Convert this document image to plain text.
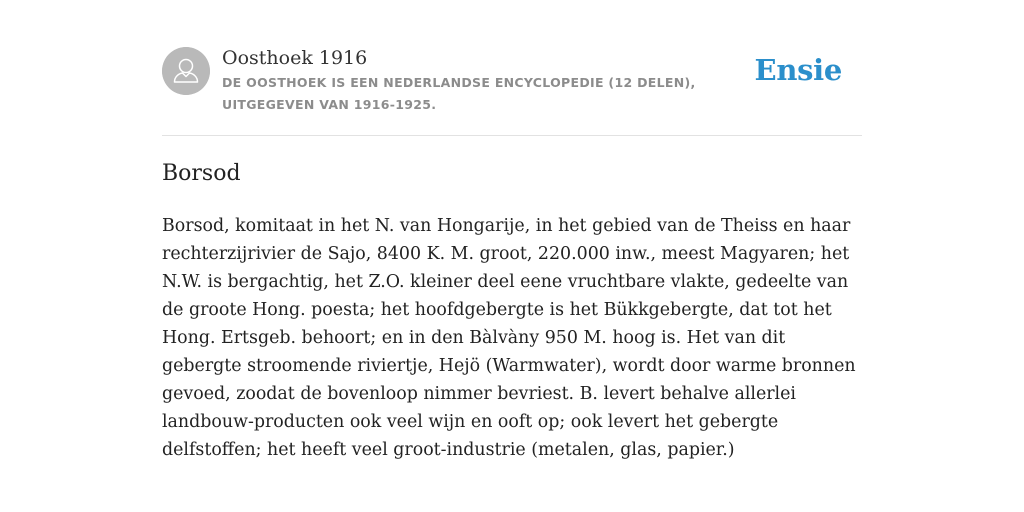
Oosthoek 1916
DE OOSTHOEK IS EEN NEDERLANDSE ENCYCLOPEDIE (12 DELEN), UITGEGEVEN VAN 1916-1925.
Ensie
Borsod

Borsod, komitaat in het N. van Hongarije, in het gebied van de Theiss en haar rechterzijrivier de Sajo, 8400 K. M. groot, 220.000 inw., meest Magyaren; het N.W. is bergachtig, het Z.O. kleiner deel eene vruchtbare vlakte, gedeelte van de groote Hong. poesta; het hoofdgebergte is het Bükkgebergte, dat tot het Hong. Ertsgeb. behoort; en in den Bàlvàny 950 M. hoog is. Het van dit gebergte stroomende riviertje, Hejö (Warmwater), wordt door warme bronnen gevoed, zoodat de bovenloop nimmer bevriest. B. levert behalve allerlei landbouw-producten ook veel wijn en ooft op; ook levert het gebergte delfstoffen; het heeft veel groot-industrie (metalen, glas, papier.)
